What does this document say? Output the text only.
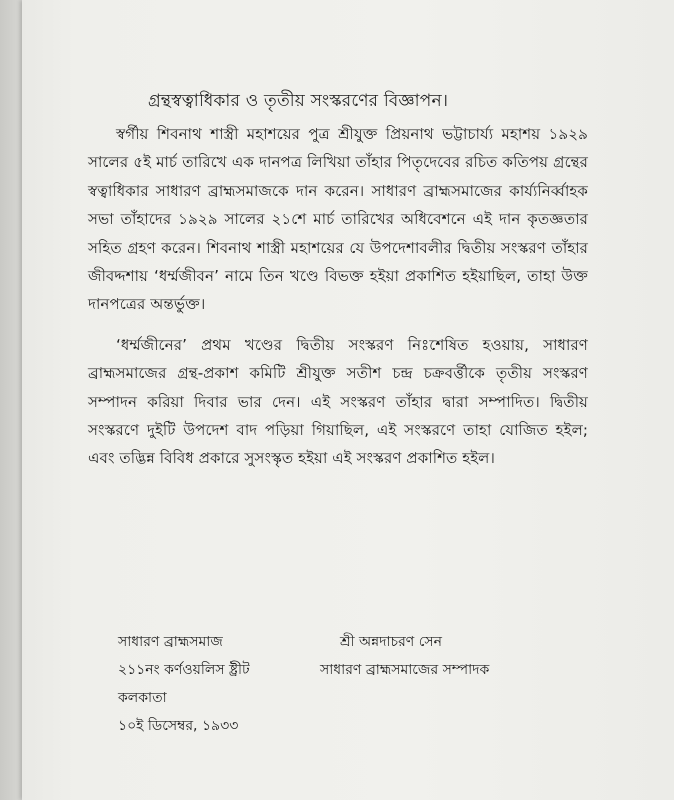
গ্রন্থস্বত্বাধিকার ও তৃতীয় সংস্করণের বিজ্ঞাপন।

স্বর্গীয় শিবনাথ শাস্ত্রী মহাশয়ের পুত্র শ্রীযুক্ত প্রিয়নাথ ভট্টাচার্য্য মহাশয় ১৯২৯ সালের ৫ই মার্চ তারিখে এক দানপত্র লিখিয়া তাঁহার পিতৃদেবের রচিত কতিপয় গ্রন্থের স্বত্বাধিকার সাধারণ ব্রাহ্মসমাজকে দান করেন। সাধারণ ব্রাহ্মসমাজের কার্য্যনির্ব্বাহক সভা তাঁহাদের ১৯২৯ সালের ২১শে মার্চ তারিখের অধিবেশনে এই দান কৃতজ্ঞতার সহিত গ্রহণ করেন। শিবনাথ শাস্ত্রী মহাশয়ের যে উপদেশাবলীর দ্বিতীয় সংস্করণ তাঁহার জীবদ্দশায় ‘ধর্ম্মজীবন’ নামে তিন খণ্ডে বিভক্ত হইয়া প্রকাশিত হইয়াছিল, তাহা উক্ত দানপত্রের অন্তর্ভুক্ত।

‘ধর্ম্মজীনের’ প্রথম খণ্ডের দ্বিতীয় সংস্করণ নিঃশেষিত হওয়ায়, সাধারণ ব্রাহ্মসমাজের গ্রন্থ-প্রকাশ কমিটি শ্রীযুক্ত সতীশ চন্দ্র চক্রবর্ত্তীকে তৃতীয় সংস্করণ সম্পাদন করিয়া দিবার ভার দেন। এই সংস্করণ তাঁহার দ্বারা সম্পাদিত। দ্বিতীয় সংস্করণে দুইটি উপদেশ বাদ পড়িয়া গিয়াছিল, এই সংস্করণে তাহা যোজিত হইল; এবং তদ্ভিন্ন বিবিধ প্রকারে সুসংস্কৃত হইয়া এই সংস্করণ প্রকাশিত হইল।

সাধারণ ব্রাহ্মসমাজ
২১১নং কর্ণওয়লিস ষ্ট্রীট
কলকাতা
১০ই ডিসেম্বর, ১৯৩৩
শ্রী অন্নদাচরণ সেন
সাধারণ ব্রাহ্মসমাজের সম্পাদক
